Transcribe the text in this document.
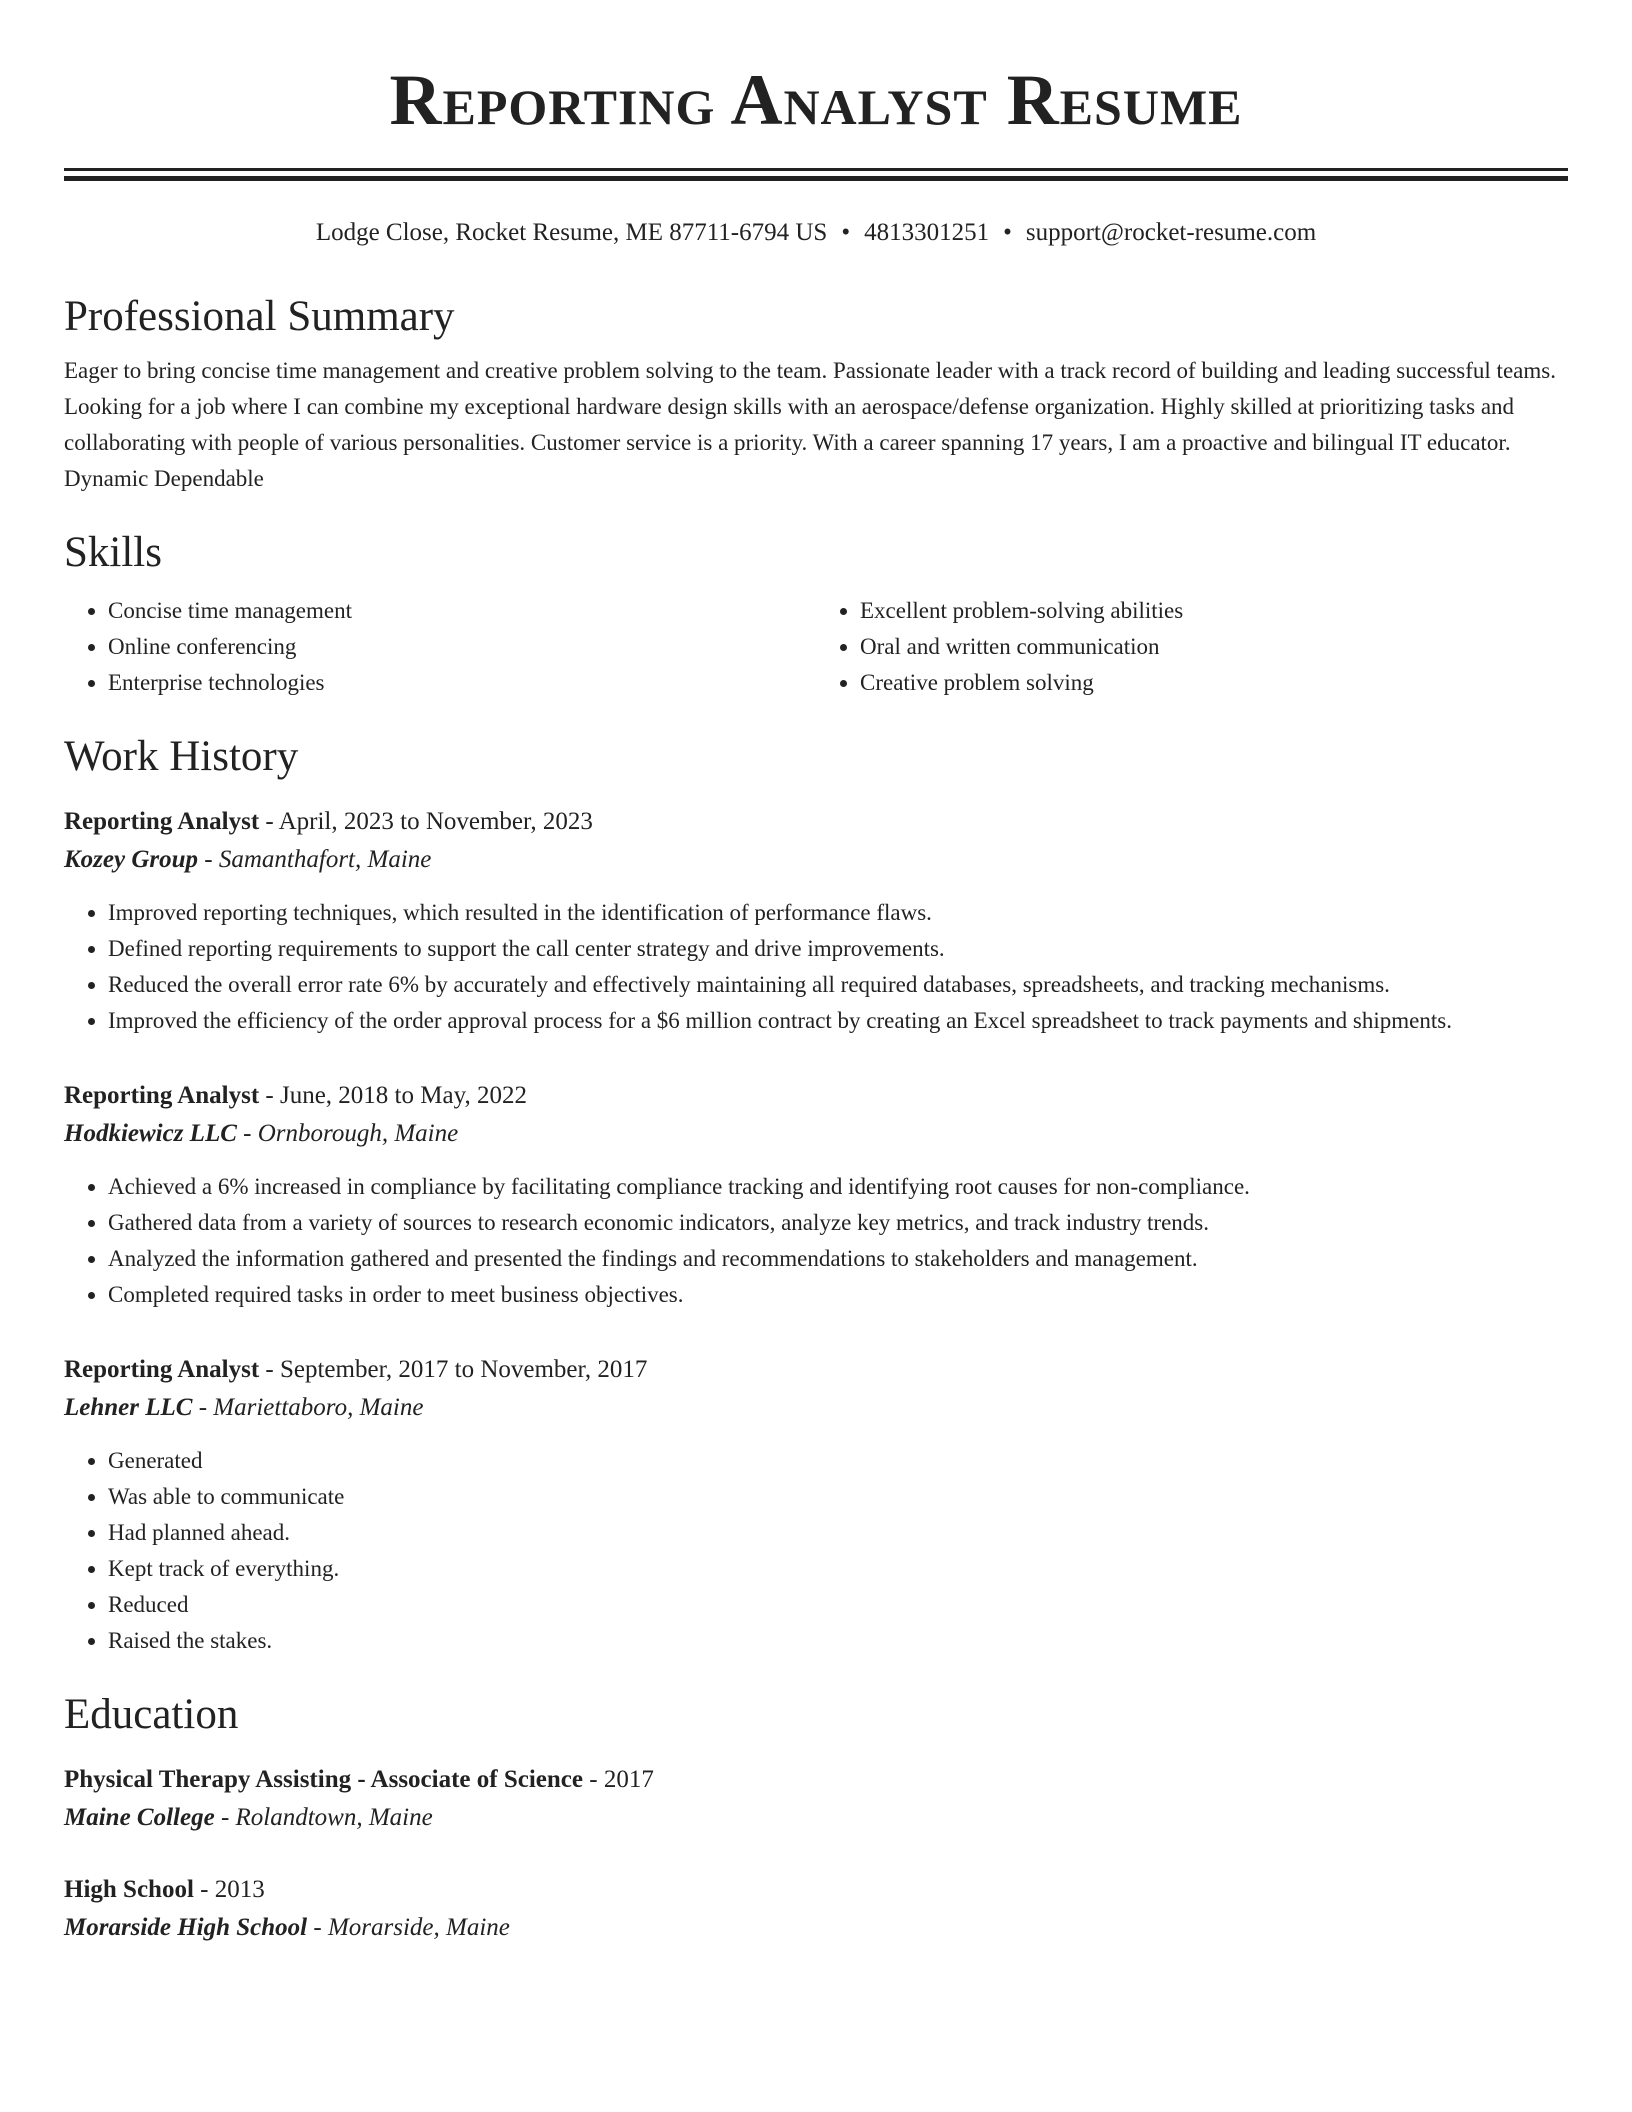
Reporting Analyst Resume
Lodge Close, Rocket Resume, ME 87711-6794 US • 4813301251 • support@rocket-resume.com
Professional Summary

Eager to bring concise time management and creative problem solving to the team. Passionate leader with a track record of building and leading successful teams. Looking for a job where I can combine my exceptional hardware design skills with an aerospace/defense organization. Highly skilled at prioritizing tasks and collaborating with people of various personalities. Customer service is a priority. With a career spanning 17 years, I am a proactive and bilingual IT educator. Dynamic Dependable

Skills
• Concise time management
• Online conferencing
• Enterprise technologies
• Excellent problem-solving abilities
• Oral and written communication
• Creative problem solving
Work History
Reporting Analyst - April, 2023 to November, 2023
Kozey Group - Samanthafort, Maine
• Improved reporting techniques, which resulted in the identification of performance flaws.
• Defined reporting requirements to support the call center strategy and drive improvements.
• Reduced the overall error rate 6% by accurately and effectively maintaining all required databases, spreadsheets, and tracking mechanisms.
• Improved the efficiency of the order approval process for a $6 million contract by creating an Excel spreadsheet to track payments and shipments.
Reporting Analyst - June, 2018 to May, 2022
Hodkiewicz LLC - Ornborough, Maine
• Achieved a 6% increased in compliance by facilitating compliance tracking and identifying root causes for non-compliance.
• Gathered data from a variety of sources to research economic indicators, analyze key metrics, and track industry trends.
• Analyzed the information gathered and presented the findings and recommendations to stakeholders and management.
• Completed required tasks in order to meet business objectives.
Reporting Analyst - September, 2017 to November, 2017
Lehner LLC - Mariettaboro, Maine
• Generated
• Was able to communicate
• Had planned ahead.
• Kept track of everything.
• Reduced
• Raised the stakes.
Education
Physical Therapy Assisting - Associate of Science - 2017
Maine College - Rolandtown, Maine
High School - 2013
Morarside High School - Morarside, Maine
